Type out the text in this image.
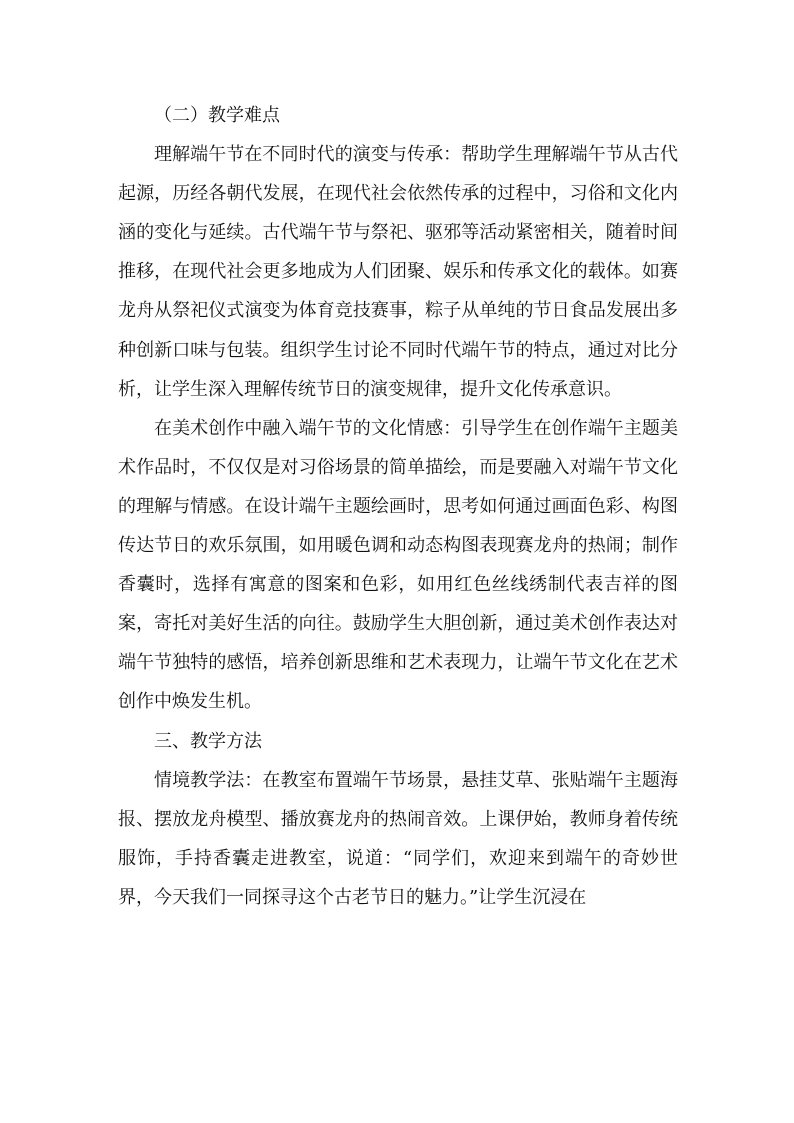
（二）教学难点

理解端午节在不同时代的演变与传承：帮助学生理解端午节从古代起源，历经各朝代发展，在现代社会依然传承的过程中，习俗和文化内涵的变化与延续。古代端午节与祭祀、驱邪等活动紧密相关，随着时间推移，在现代社会更多地成为人们团聚、娱乐和传承文化的载体。如赛龙舟从祭祀仪式演变为体育竞技赛事，粽子从单纯的节日食品发展出多种创新口味与包装。组织学生讨论不同时代端午节的特点，通过对比分析，让学生深入理解传统节日的演变规律，提升文化传承意识。

在美术创作中融入端午节的文化情感：引导学生在创作端午主题美术作品时，不仅仅是对习俗场景的简单描绘，而是要融入对端午节文化的理解与情感。在设计端午主题绘画时，思考如何通过画面色彩、构图传达节日的欢乐氛围，如用暖色调和动态构图表现赛龙舟的热闹；制作香囊时，选择有寓意的图案和色彩，如用红色丝线绣制代表吉祥的图案，寄托对美好生活的向往。鼓励学生大胆创新，通过美术创作表达对端午节独特的感悟，培养创新思维和艺术表现力，让端午节文化在艺术创作中焕发生机。

三、教学方法

情境教学法：在教室布置端午节场景，悬挂艾草、张贴端午主题海报、摆放龙舟模型、播放赛龙舟的热闹音效。上课伊始，教师身着传统服饰，手持香囊走进教室，说道：“同学们，欢迎来到端午的奇妙世界，今天我们一同探寻这个古老节日的魅力。”让学生沉浸在
